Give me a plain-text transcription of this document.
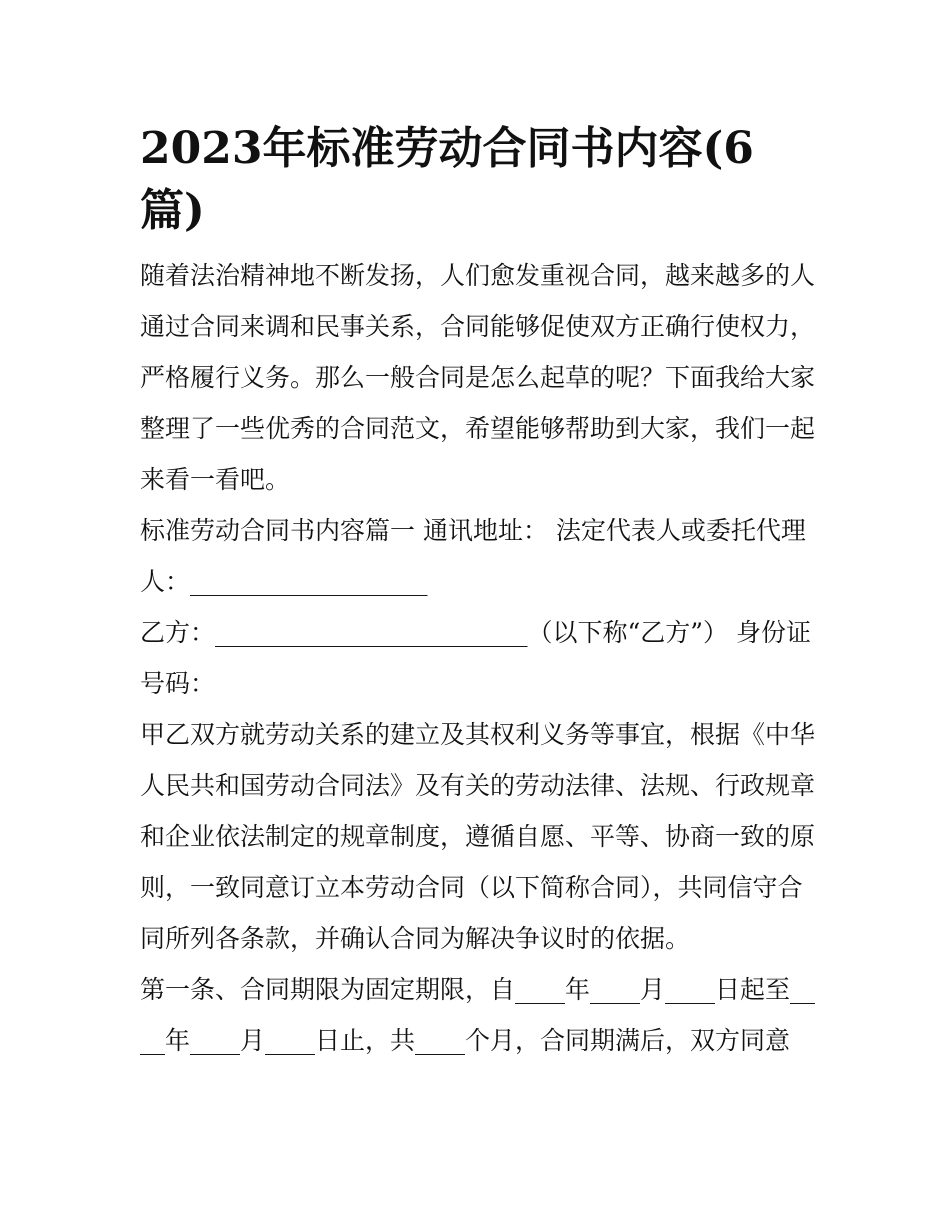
2023年标准劳动合同书内容(6篇)

随着法治精神地不断发扬，人们愈发重视合同，越来越多的人通过合同来调和民事关系，合同能够促使双方正确行使权力，严格履行义务。那么一般合同是怎么起草的呢？下面我给大家整理了一些优秀的合同范文，希望能够帮助到大家，我们一起来看一看吧。

标准劳动合同书内容篇一 通讯地址： 法定代表人或委托代理人：___________________

乙方：_________________________（以下称“乙方”） 身份证号码：

甲乙双方就劳动关系的建立及其权利义务等事宜，根据《中华人民共和国劳动合同法》及有关的劳动法律、法规、行政规章和企业依法制定的规章制度，遵循自愿、平等、协商一致的原则，一致同意订立本劳动合同（以下简称合同），共同信守合同所列各条款，并确认合同为解决争议时的依据。

第一条、合同期限为固定期限，自____年____月____日起至____年____月____日止，共____个月，合同期满后，双方同意
